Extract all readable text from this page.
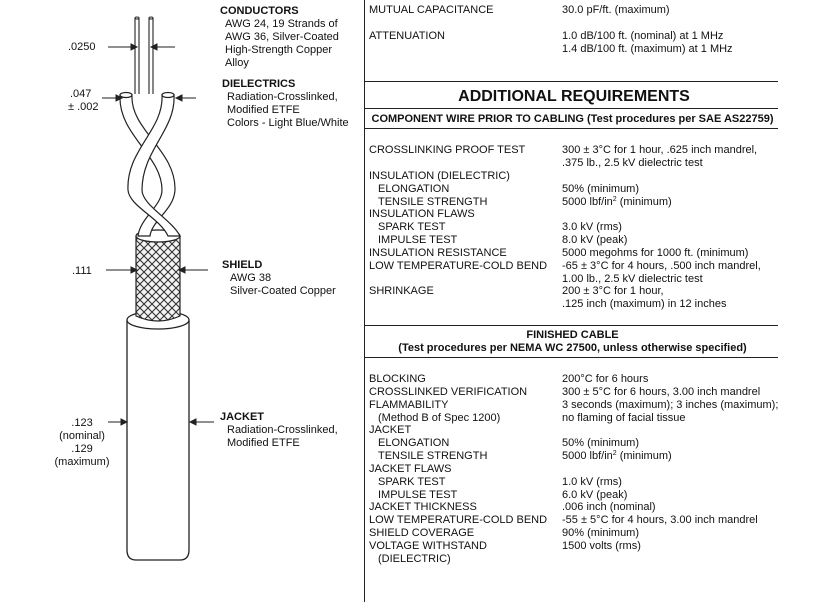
.0250
.047
± .002
.111
.123
(nominal)
.129
(maximum)
CONDUCTORS
AWG 24, 19 Strands of
AWG 36, Silver-Coated
High-Strength Copper
Alloy
DIELECTRICS
Radiation-Crosslinked,
Modified ETFE
Colors - Light Blue/White
SHIELD
AWG 38
Silver-Coated Copper
JACKET
Radiation-Crosslinked,
Modified ETFE
MUTUAL CAPACITANCE	30.0 pF/ft. (maximum)
ATTENUATION	1.0 dB/100 ft. (nominal) at 1 MHz
1.4 dB/100 ft. (maximum) at 1 MHz
ADDITIONAL REQUIREMENTS
COMPONENT WIRE PRIOR TO CABLING (Test procedures per SAE AS22759)
CROSSLINKING PROOF TEST	300 ± 3°C for 1 hour, .625 inch mandrel,
.375 lb., 2.5 kV dielectric test
INSULATION (DIELECTRIC)
ELONGATION	50% (minimum)
TENSILE STRENGTH	5000 lbf/$in^2$ (minimum)
INSULATION FLAWS
SPARK TEST	3.0 kV (rms)
IMPULSE TEST	8.0 kV (peak)
INSULATION RESISTANCE	5000 megohms for 1000 ft. (minimum)
LOW TEMPERATURE-COLD BEND -65 ± 3°C for 4 hours, .500 inch mandrel,
1.00 lb., 2.5 kV dielectric test
SHRINKAGE	200 ± 3°C for 1 hour,
.125 inch (maximum) in 12 inches
FINISHED CABLE
(Test procedures per NEMA WC 27500, unless otherwise specified)
BLOCKING	200°C for 6 hours
CROSSLINKED VERIFICATION	300 ± 5°C for 6 hours, 3.00 inch mandrel
FLAMMABILITY	3 seconds (maximum); 3 inches (maximum);
(Method B of Spec 1200)	no flaming of facial tissue
JACKET
ELONGATION	50% (minimum)
TENSILE STRENGTH	5000 lbf/$in^2$ (minimum)
JACKET FLAWS
SPARK TEST	1.0 kV (rms)
IMPULSE TEST	6.0 kV (peak)
JACKET THICKNESS	.006 inch (nominal)
LOW TEMPERATURE-COLD BEND -55 ± 5°C for 4 hours, 3.00 inch mandrel
SHIELD COVERAGE	90% (minimum)
VOLTAGE WITHSTAND	1500 volts (rms)
(DIELECTRIC)
